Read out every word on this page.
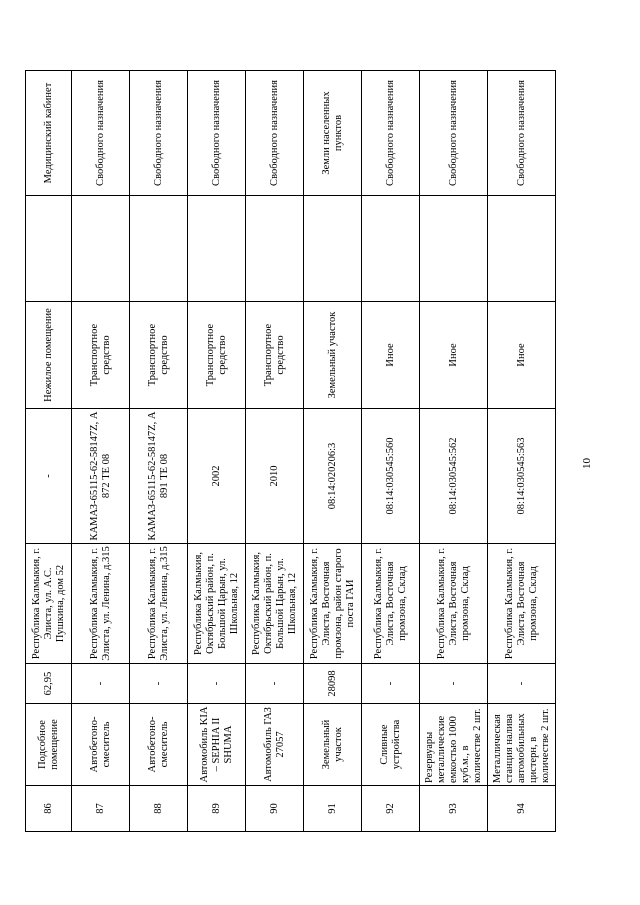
86	Подсобное помещение	62,95	Республика Калмыкия, г. Элиста, ул. А.С. Пушкина, дом 52	-	Нежилое помещение		Медицинский кабинет
87	Автобетоно-смеситель	-	Республика Калмыкия, г. Элиста, ул. Ленина, д.315	КАМАЗ-65115-62-58147Z, А 872 ТЕ 08	Транспортное средство		Свободного назначения
88	Автобетоно-смеситель	-	Республика Калмыкия, г. Элиста, ул. Ленина, д.315	КАМАЗ-65115-62-58147Z, А 891 ТЕ 08	Транспортное средство		Свободного назначения
89	Автомобиль KIA – SEPHIA II SHUMA	-	Республика Калмыкия, Октябрьский район, п. Большой Царын, ул. Школьная, 12	2002	Транспортное средство		Свободного назначения
90	Автомобиль ГАЗ 27057	-	Республика Калмыкия, Октябрьский район, п. Большой Царын, ул. Школьная, 12	2010	Транспортное средство		Свободного назначения
91	Земельный участок	28098	Республика Калмыкия, г. Элиста, Восточная промзона, район старого поста ГАИ	08:14:020206:3	Земельный участок		Земли населенных пунктов
92	Сливные устройства	-	Республика Калмыкия, г. Элиста, Восточная промзона, Склад	08:14:030545:560	Иное		Свободного назначения
93	Резервуары металлические емкостью 1000 куб.м., в количестве 2 шт.	-	Республика Калмыкия, г. Элиста, Восточная промзона, Склад	08:14:030545:562	Иное		Свободного назначения
94	Металлическая станция налива автомобильных цистерн, в количестве 2 шт.	-	Республика Калмыкия, г. Элиста, Восточная промзона, Склад	08:14:030545:563	Иное		Свободного назначения
10
